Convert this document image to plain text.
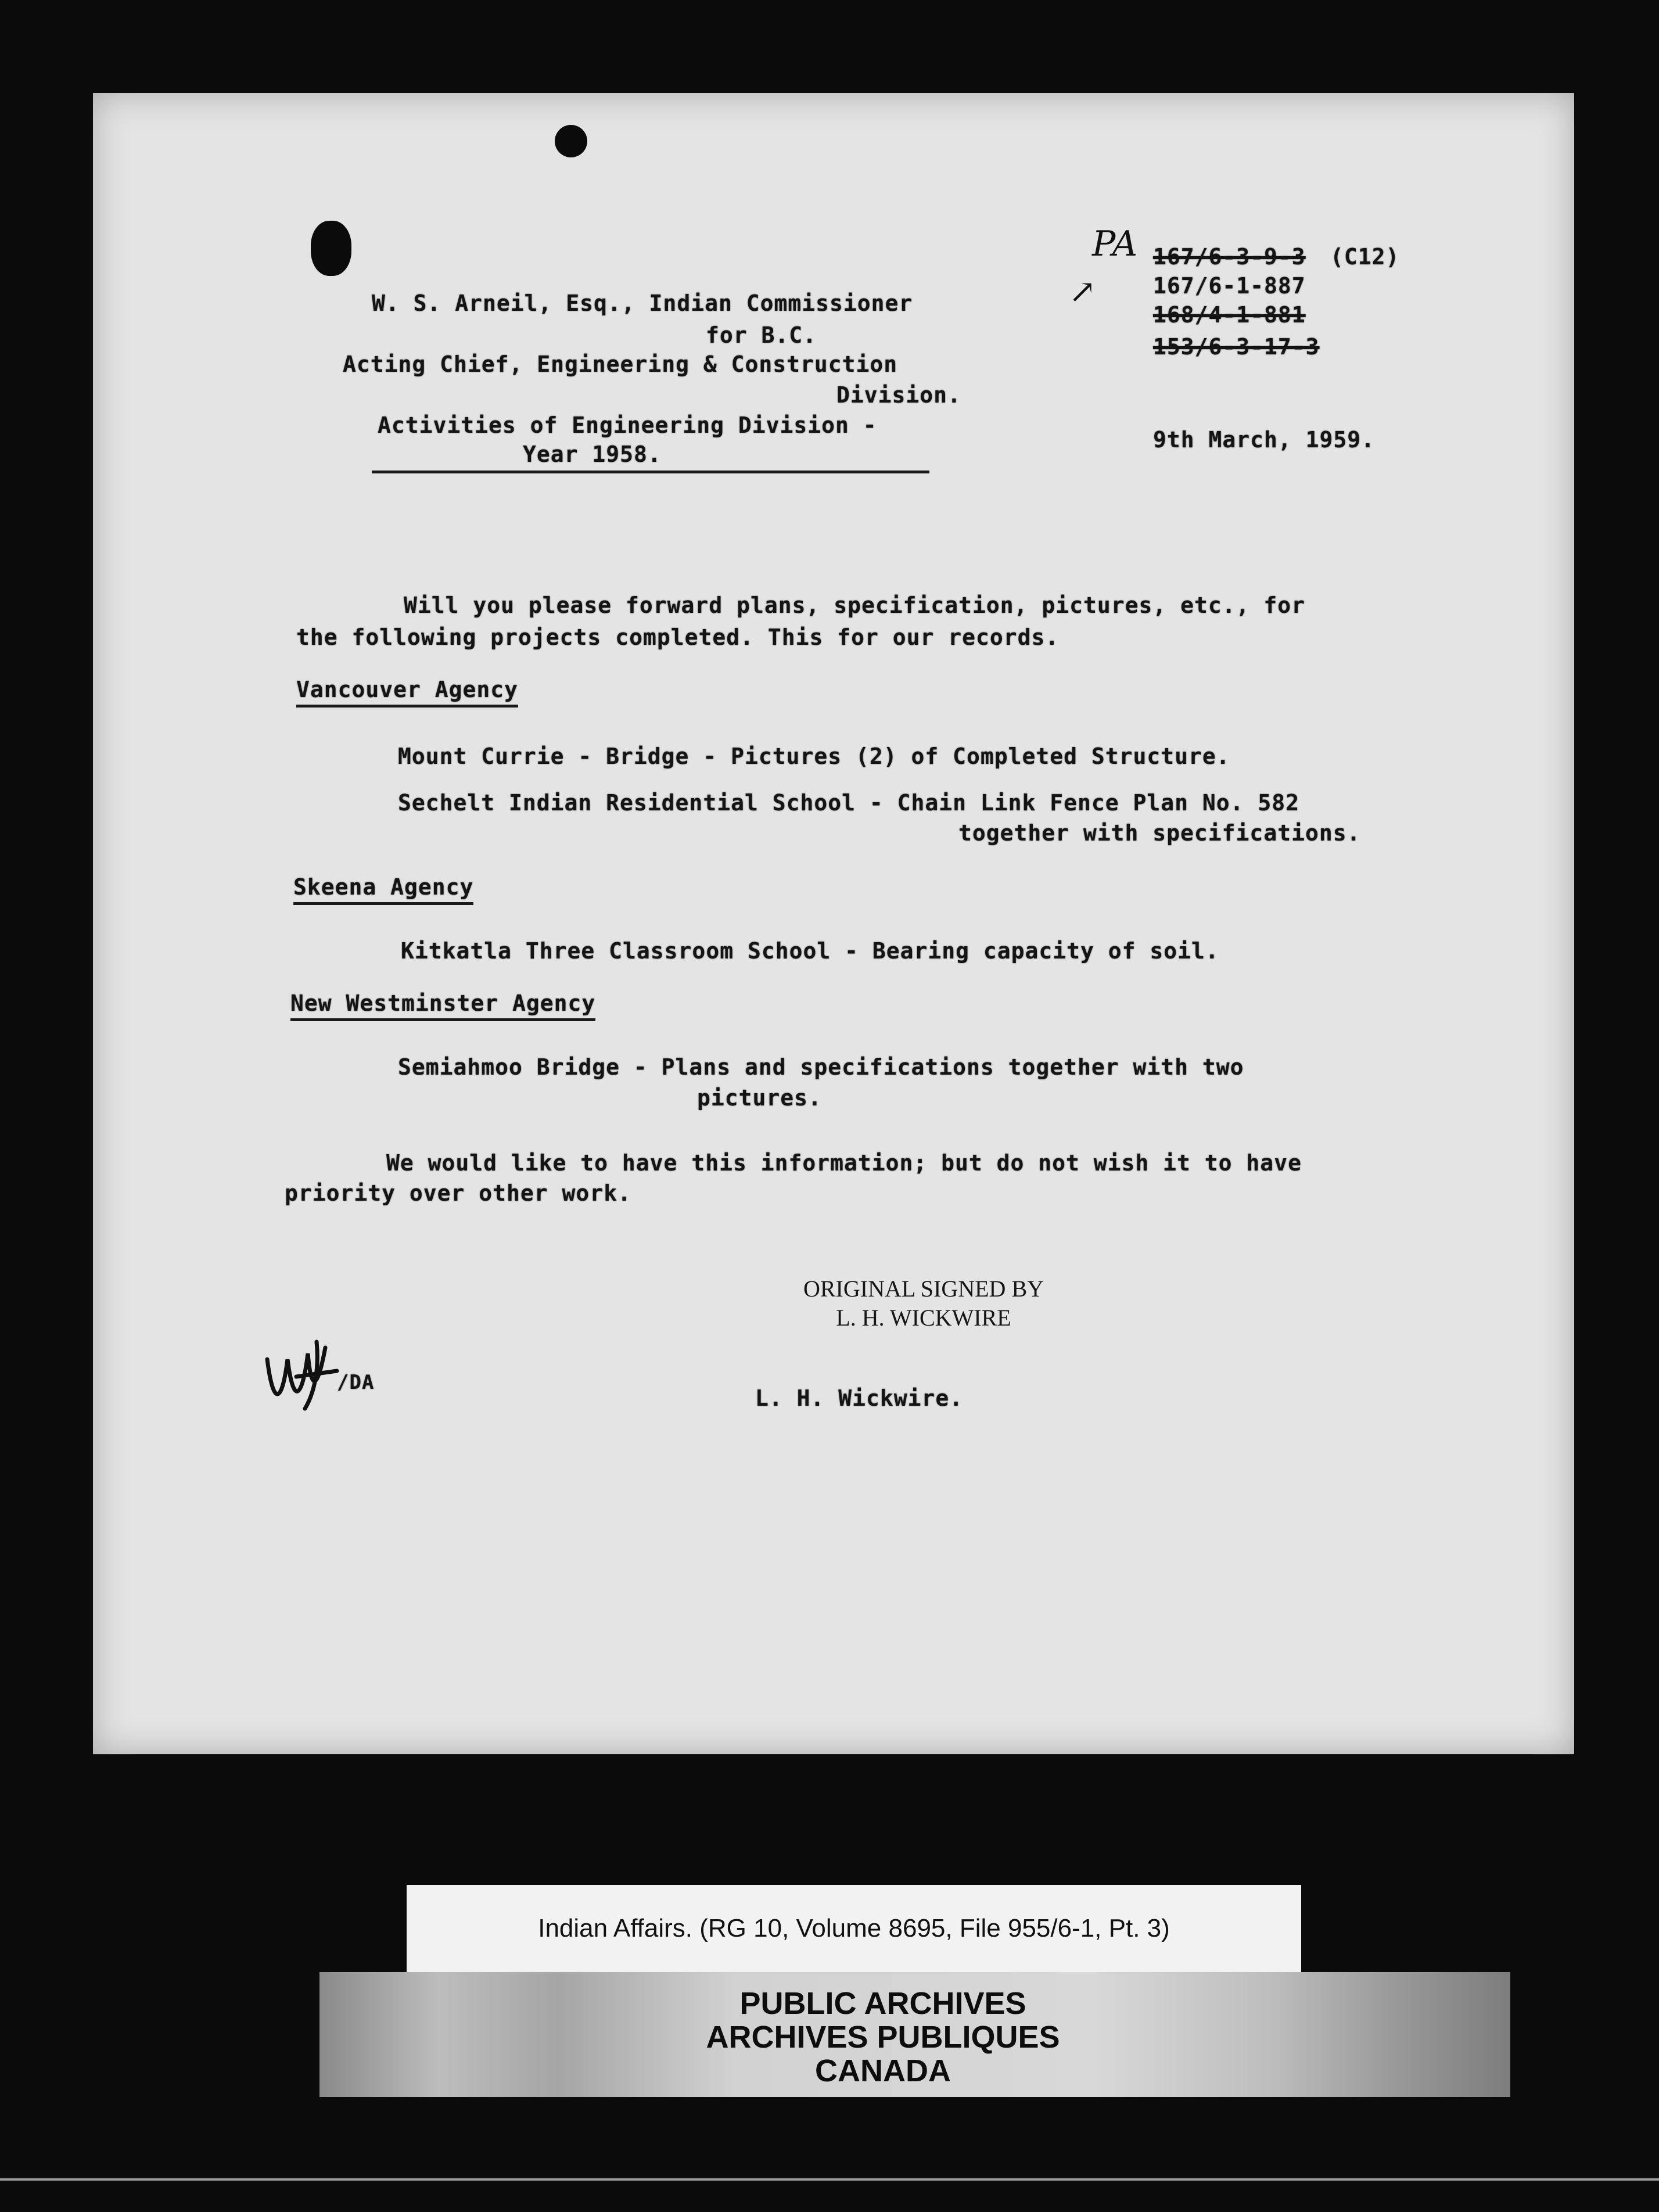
PA
↗
167/6-3-9-3 (C12)
167/6-1-887
168/4-1-881
153/6-3-17-3
W. S. Arneil, Esq., Indian Commissioner
for B.C.
Acting Chief, Engineering & Construction
Division.
Activities of Engineering Division -
Year 1958.
9th March, 1959.
Will you please forward plans, specification, pictures, etc., for
the following projects completed. This for our records.
Vancouver Agency
Mount Currie - Bridge - Pictures (2) of Completed Structure.
Sechelt Indian Residential School - Chain Link Fence Plan No. 582
together with specifications.
Skeena Agency
Kitkatla Three Classroom School - Bearing capacity of soil.
New Westminster Agency
Semiahmoo Bridge - Plans and specifications together with two
pictures.
We would like to have this information; but do not wish it to have
priority over other work.
ORIGINAL SIGNED BY
L. H. WICKWIRE
/DA
L. H. Wickwire.
Indian Affairs. (RG 10, Volume 8695, File 955/6-1, Pt. 3)
PUBLIC ARCHIVES
ARCHIVES PUBLIQUES
CANADA
